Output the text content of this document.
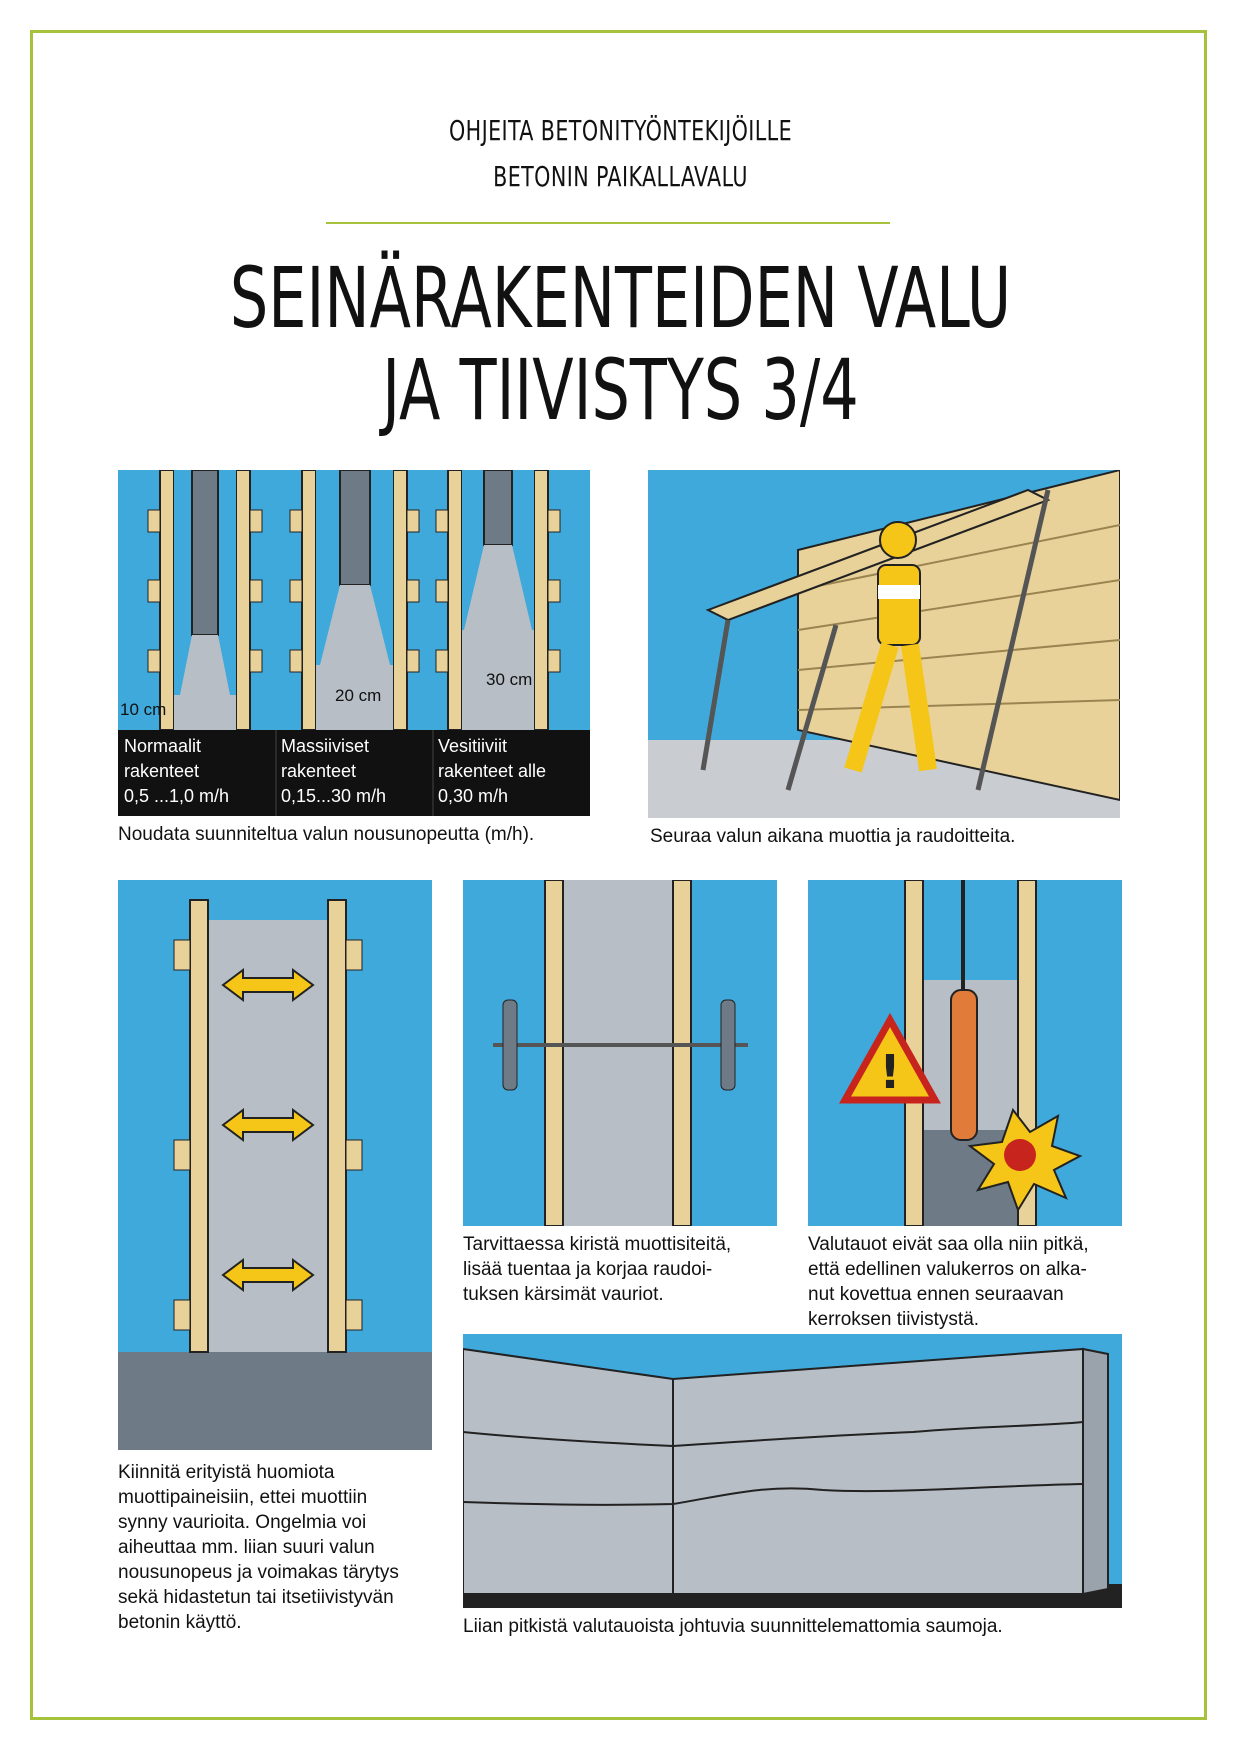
OHJEITA BETONITYÖNTEKIJÖILLE
BETONIN PAIKALLAVALU
SEINÄRAKENTEIDEN VALU
JA TIIVISTYS 3/4
10 cm
20 cm
30 cm
Normaalit
rakenteet
0,5 ...1,0 m/h
Massiiviset
rakenteet
0,15...30 m/h
Vesitiiviit
rakenteet alle
0,30 m/h
Noudata suunniteltua valun nousunopeutta (m/h).	Seuraa valun aikana muottia ja raudoitteita.
Kiinnitä erityistä huomiota
muottipaineisiin, ettei muottiin
synny vaurioita. Ongelmia voi
aiheuttaa mm. liian suuri valun
nousunopeus ja voimakas tärytys
sekä hidastetun tai itsetiivistyvän
betonin käyttö.
Tarvittaessa kiristä muottisiteitä,
lisää tuentaa ja korjaa raudoi-
tuksen kärsimät vauriot.
!
Valutauot eivät saa olla niin pitkä,
että edellinen valukerros on alka-
nut kovettua ennen seuraavan
kerroksen tiivistystä.
Liian pitkistä valutauoista johtuvia suunnittelemattomia saumoja.
